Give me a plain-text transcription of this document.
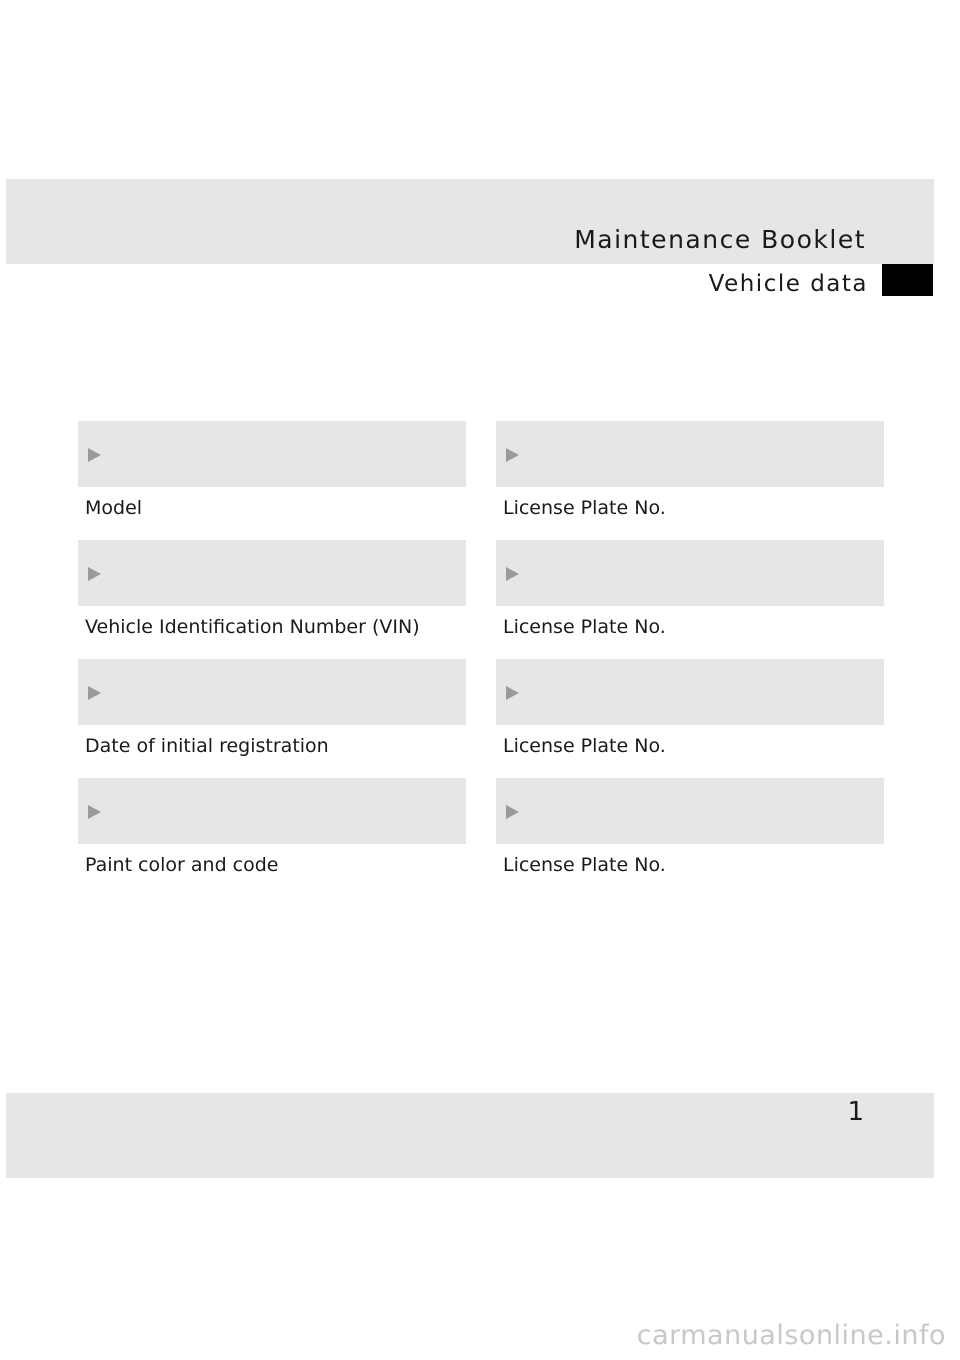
Maintenance Booklet
Vehicle data
Model	License Plate No.
Vehicle Identification Number (VIN)	License Plate No.
Date of initial registration	License Plate No.
Paint color and code	License Plate No.
1
carmanualsonline.info
